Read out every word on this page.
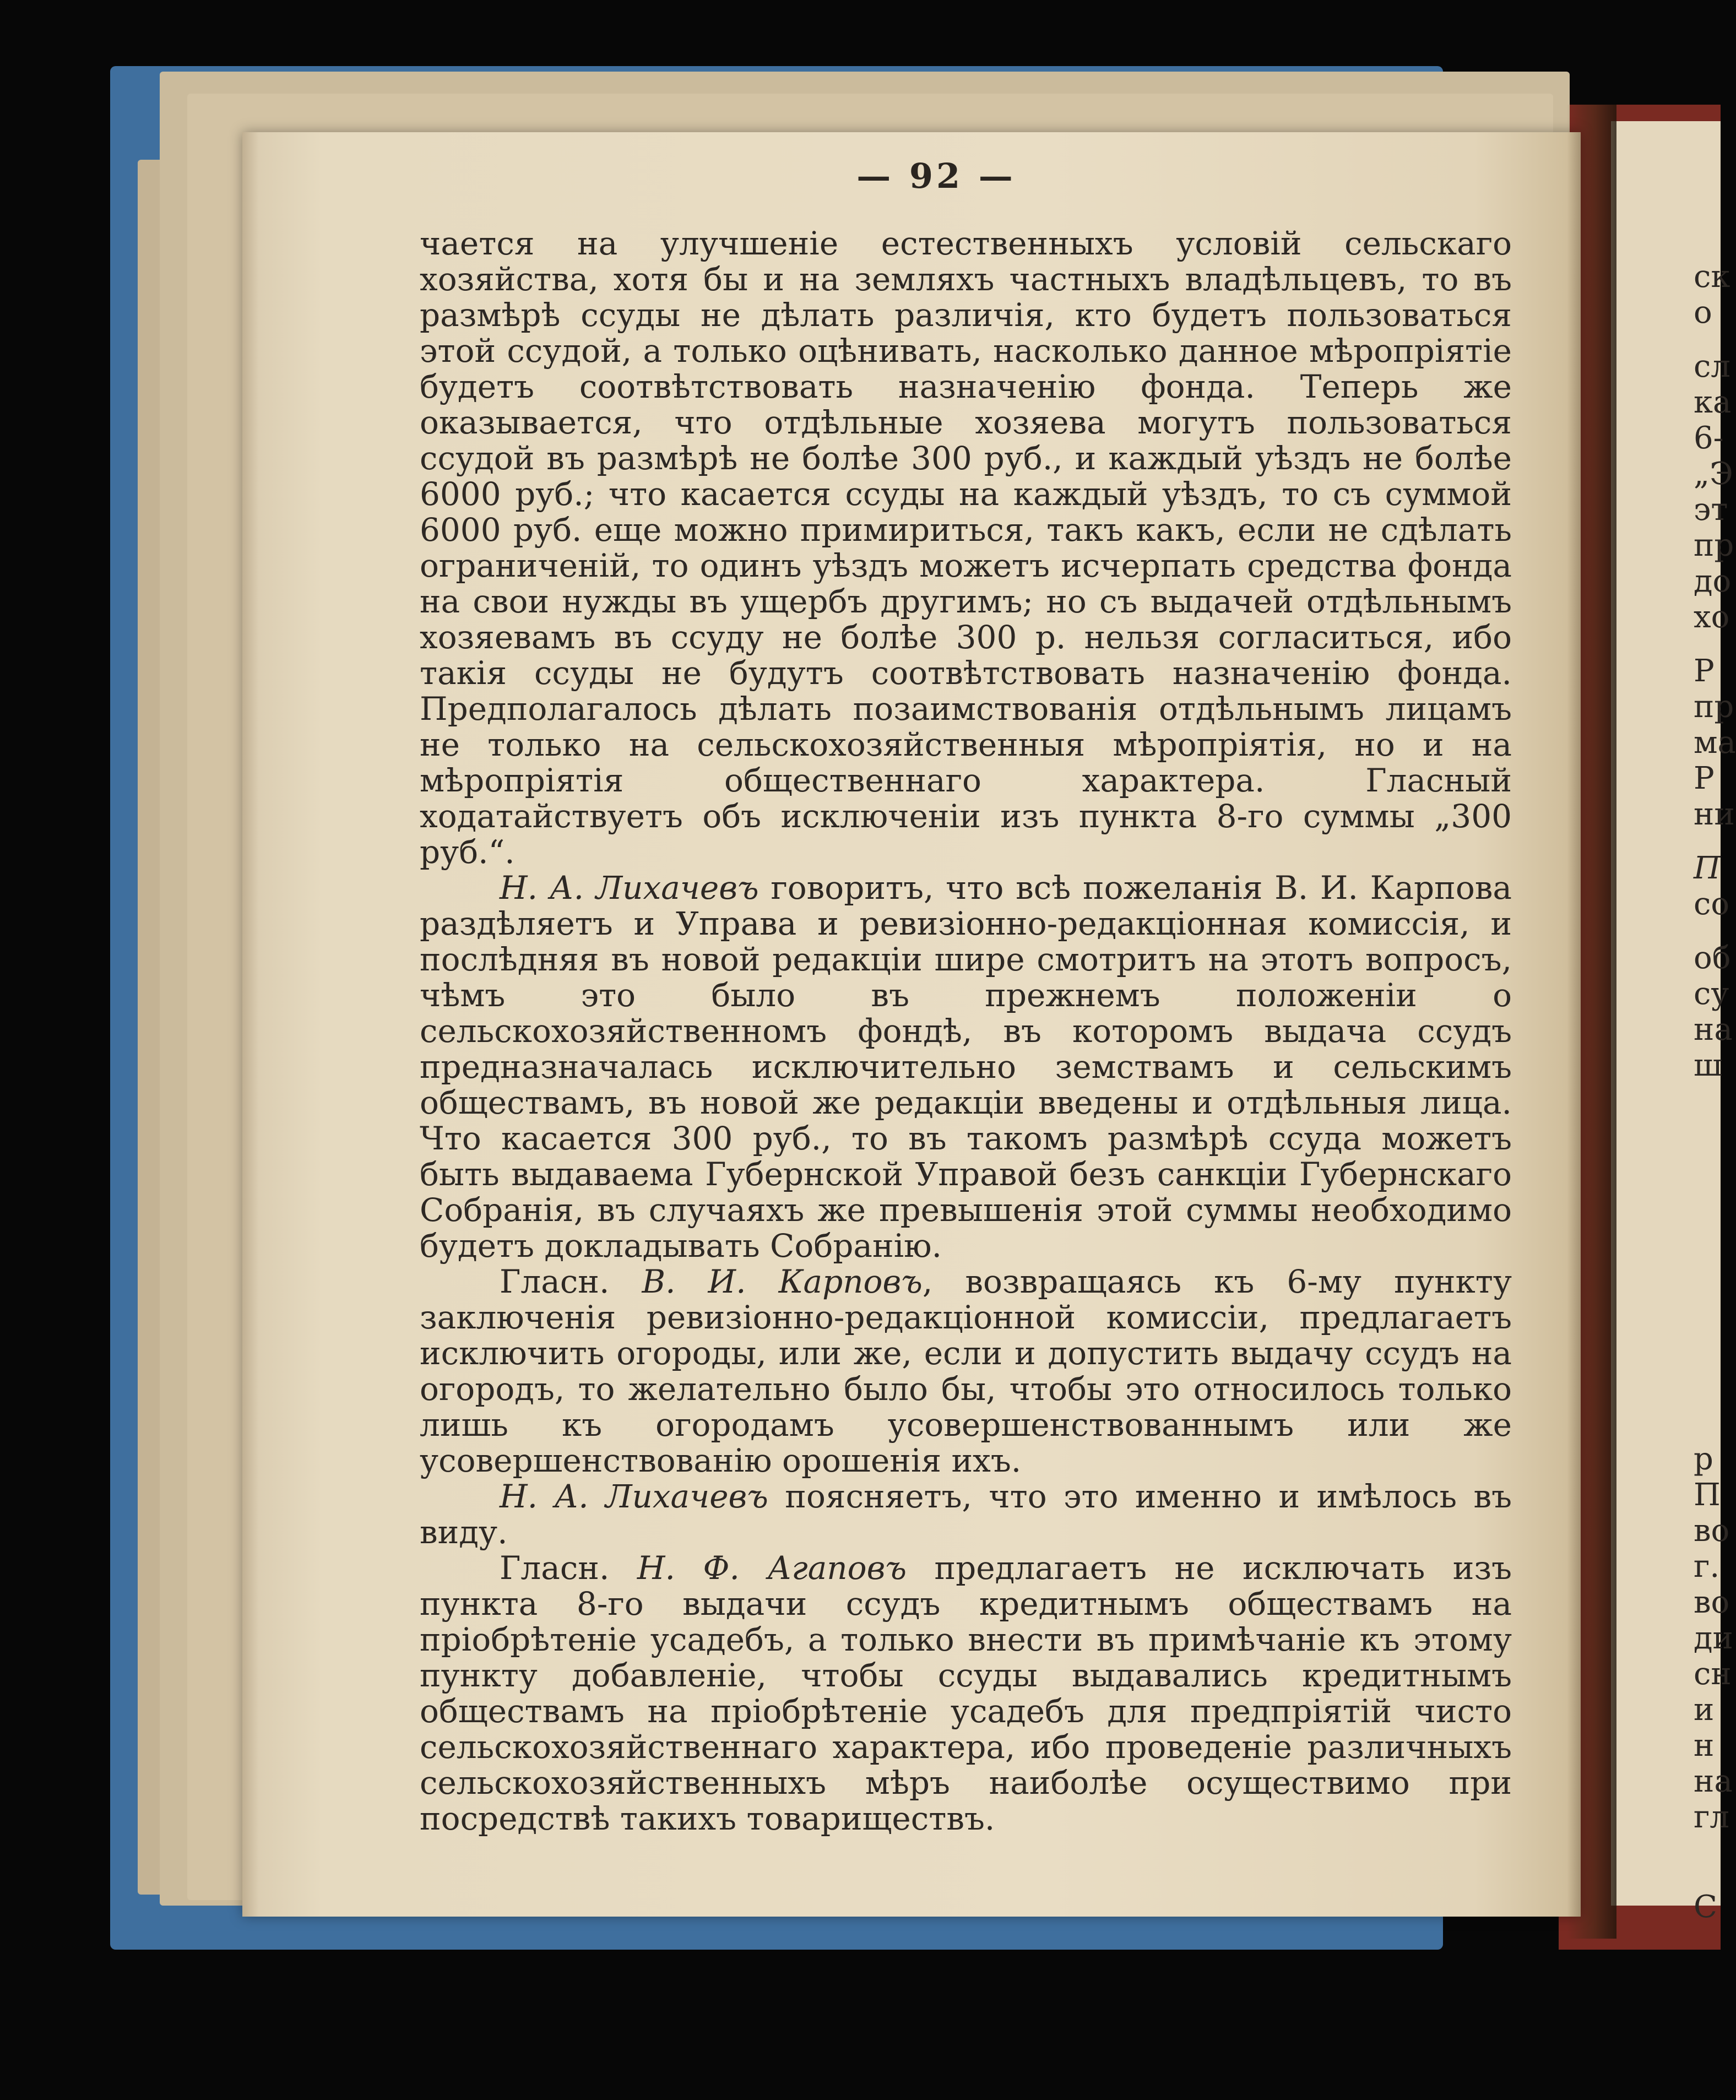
— 92 —

чается на улучшеніе естественныхъ условій сельскаго хозяйства, хотя бы и на земляхъ частныхъ владѣльцевъ, то въ размѣрѣ ссуды не дѣлать различія, кто будетъ пользоваться этой ссудой, а только оцѣнивать, насколько данное мѣропріятіе будетъ соотвѣтствовать назначенію фонда. Теперь же оказывается, что отдѣльные хозяева могутъ пользоваться ссудой въ размѣрѣ не болѣе 300 руб., и каждый уѣздъ не болѣе 6000 руб.; что касается ссуды на каждый уѣздъ, то съ суммой 6000 руб. еще можно примириться, такъ какъ, если не сдѣлать ограниченій, то одинъ уѣздъ можетъ исчерпать средства фонда на свои нужды въ ущербъ другимъ; но съ выдачей отдѣльнымъ хозяевамъ въ ссуду не болѣе 300 р. нельзя согласиться, ибо такія ссуды не будутъ соотвѣтствовать назначенію фонда. Предполагалось дѣлать позаимствованія отдѣльнымъ лицамъ не только на сельскохозяйственныя мѣропріятія, но и на мѣропріятія общественнаго характера. Гласный ходатайствуетъ объ исключеніи изъ пункта 8-го суммы „300 руб.“.

Н. А. Лихачевъ говоритъ, что всѣ пожеланія В. И. Карпова раздѣляетъ и Управа и ревизіонно-редакціонная комиссія, и послѣдняя въ новой редакціи шире смотритъ на этотъ вопросъ, чѣмъ это было въ прежнемъ положеніи о сельскохозяйственномъ фондѣ, въ которомъ выдача ссудъ предназначалась исключительно земствамъ и сельскимъ обществамъ, въ новой же редакціи введены и отдѣльныя лица. Что касается 300 руб., то въ такомъ размѣрѣ ссуда можетъ быть выдаваема Губернской Управой безъ санкціи Губернскаго Собранія, въ случаяхъ же превышенія этой суммы необходимо будетъ докладывать Собранію.

Гласн. В. И. Карповъ, возвращаясь къ 6-му пункту заключенія ревизіонно-редакціонной комиссіи, предлагаетъ исключить огороды, или же, если и допустить выдачу ссудъ на огородъ, то желательно было бы, чтобы это относилось только лишь къ огородамъ усовершенствованнымъ или же усовершенствованію орошенія ихъ.

Н. А. Лихачевъ поясняетъ, что это именно и имѣлось въ виду.

Гласн. Н. Ф. Агаповъ предлагаетъ не исключать изъ пункта 8-го выдачи ссудъ кредитнымъ обществамъ на пріобрѣтеніе усадебъ, а только внести въ примѣчаніе къ этому пункту добавленіе, чтобы ссуды выдавались кредитнымъ обществамъ на пріобрѣтеніе усадебъ для предпріятій чисто сельскохозяйственнаго характера, ибо проведеніе различныхъ сельскохозяйственныхъ мѣръ наиболѣе осуществимо при посредствѣ такихъ товариществъ.

ск
о
сл
ка
6-
„Э
эт
пр
до
хо
Р
пр
ма
Р
ни
П
со
об
су
на
ш
р
П
во
г.
во
ди
сн
и
н
на
гл
С
